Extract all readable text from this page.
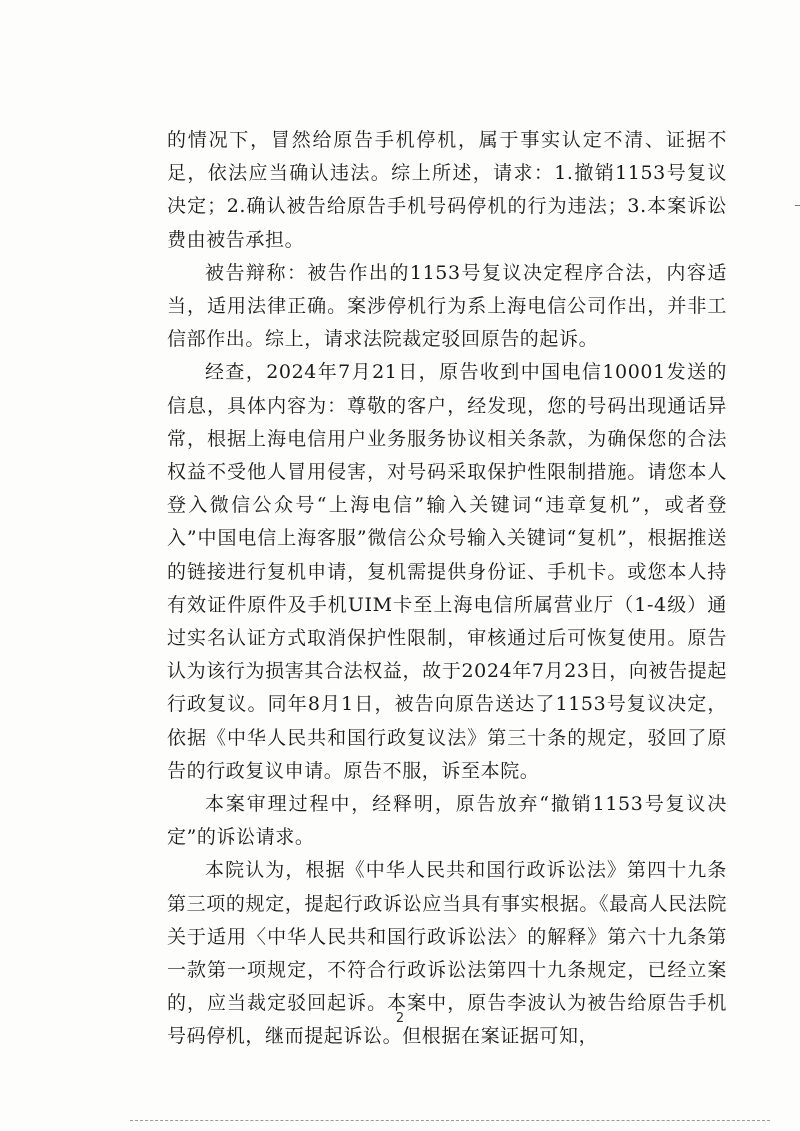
的情况下，冒然给原告手机停机，属于事实认定不清、证据不足，依法应当确认违法。综上所述，请求：1.撤销1153号复议决定；2.确认被告给原告手机号码停机的行为违法；3.本案诉讼费由被告承担。

被告辩称：被告作出的1153号复议决定程序合法，内容适当，适用法律正确。案涉停机行为系上海电信公司作出，并非工信部作出。综上，请求法院裁定驳回原告的起诉。

经查，2024年7月21日，原告收到中国电信10001发送的信息，具体内容为：尊敬的客户，经发现，您的号码出现通话异常，根据上海电信用户业务服务协议相关条款，为确保您的合法权益不受他人冒用侵害，对号码采取保护性限制措施。请您本人登入微信公众号“上海电信”输入关键词“违章复机”，或者登入”中国电信上海客服”微信公众号输入关键词“复机”，根据推送的链接进行复机申请，复机需提供身份证、手机卡。或您本人持有效证件原件及手机UIM卡至上海电信所属营业厅（1-4级）通过实名认证方式取消保护性限制，审核通过后可恢复使用。原告认为该行为损害其合法权益，故于2024年7月23日，向被告提起行政复议。同年8月1日，被告向原告送达了1153号复议决定，依据《中华人民共和国行政复议法》第三十条的规定，驳回了原告的行政复议申请。原告不服，诉至本院。

本案审理过程中，经释明，原告放弃“撤销1153号复议决定”的诉讼请求。

本院认为，根据《中华人民共和国行政诉讼法》第四十九条第三项的规定，提起行政诉讼应当具有事实根据。《最高人民法院关于适用〈中华人民共和国行政诉讼法〉的解释》第六十九条第一款第一项规定，不符合行政诉讼法第四十九条规定，已经立案的，应当裁定驳回起诉。本案中，原告李波认为被告给原告手机号码停机，继而提起诉讼。但根据在案证据可知，

2
